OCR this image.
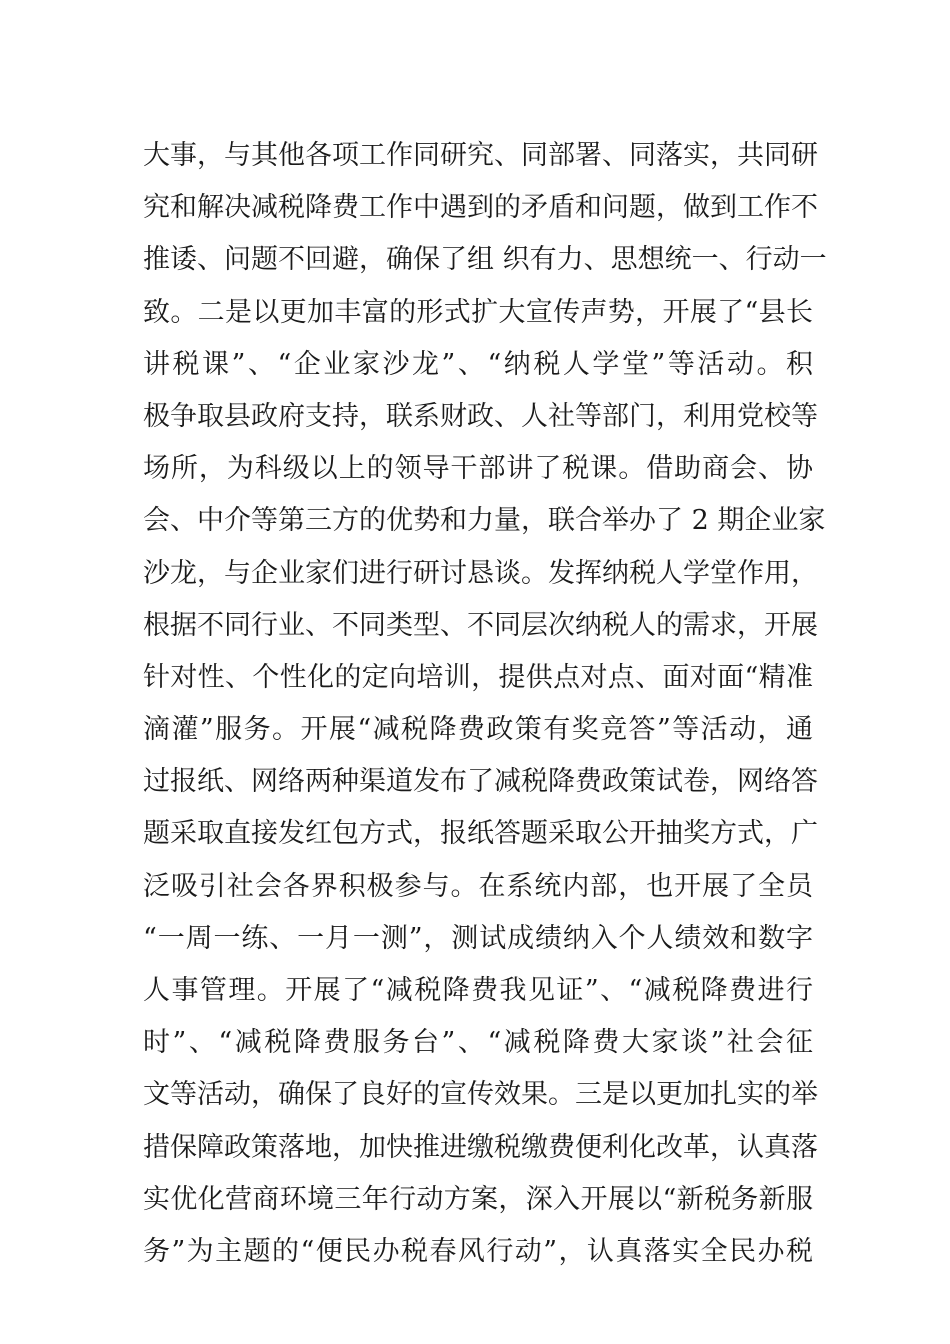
大事，与其他各项工作同研究、同部署、同落实，共同研
究和解决减税降费工作中遇到的矛盾和问题，做到工作不
推诿、问题不回避，确保了组 织有力、思想统一、行动一
致。二是以更加丰富的形式扩大宣传声势，开展了“县长
讲税课”、“企业家沙龙”、“纳税人学堂”等活动。积
极争取县政府支持，联系财政、人社等部门，利用党校等
场所，为科级以上的领导干部讲了税课。借助商会、协
会、中介等第三方的优势和力量，联合举办了 2 期企业家
沙龙，与企业家们进行研讨恳谈。发挥纳税人学堂作用，
根据不同行业、不同类型、不同层次纳税人的需求，开展
针对性、个性化的定向培训，提供点对点、面对面“精准
滴灌”服务。开展“减税降费政策有奖竞答”等活动，通
过报纸、网络两种渠道发布了减税降费政策试卷，网络答
题采取直接发红包方式，报纸答题采取公开抽奖方式，广
泛吸引社会各界积极参与。在系统内部，也开展了全员
“一周一练、一月一测”，测试成绩纳入个人绩效和数字
人事管理。开展了“减税降费我见证”、“减税降费进行
时”、“减税降费服务台”、“减税降费大家谈”社会征
文等活动，确保了良好的宣传效果。三是以更加扎实的举
措保障政策落地，加快推进缴税缴费便利化改革，认真落
实优化营商环境三年行动方案，深入开展以“新税务新服
务”为主题的“便民办税春风行动”，认真落实全民办税
